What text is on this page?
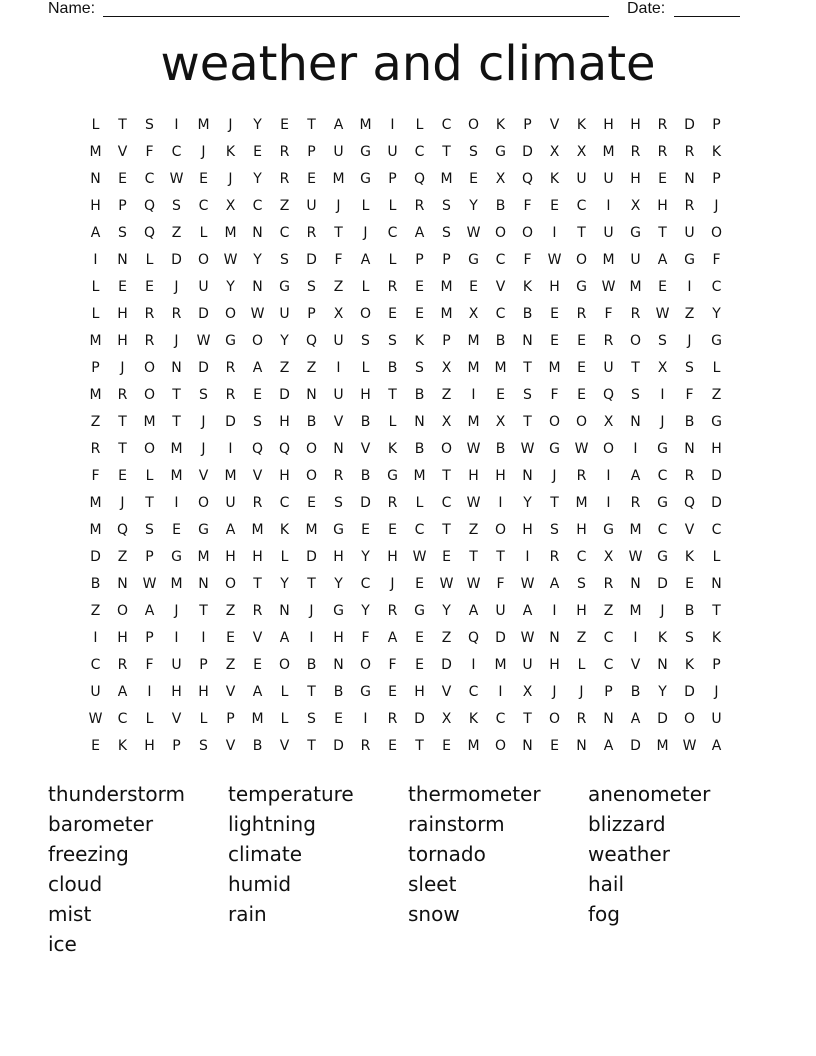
Name:	Date:
weather and climate
L T S I M J Y E T A M I L C O K P V K H H R D P
M V F C J K E R P U G U C T S G D X X M R R R K
N E C W E J Y R E M G P Q M E X Q K U U H E N P
H P Q S C X C Z U J L L R S Y B F E C I X H R J
A S Q Z L M N C R T J C A S W O O I T U G T U O
I N L D O W Y S D F A L P P G C F W O M U A G F
L E E J U Y N G S Z L R E M E V K H G W M E I C
L H R R D O W U P X O E E M X C B E R F R W Z Y
M H R J W G O Y Q U S S K P M B N E E R O S J G
P J O N D R A Z Z I L B S X M M T M E U T X S L
M R O T S R E D N U H T B Z I E S F E Q S I F Z
Z T M T J D S H B V B L N X M X T O O X N J B G
R T O M J I Q Q O N V K B O W B W G W O I G N H
F E L M V M V H O R B G M T H H N J R I A C R D
M J T I O U R C E S D R L C W I Y T M I R G Q D
M Q S E G A M K M G E E C T Z O H S H G M C V C
D Z P G M H H L D H Y H W E T T I R C X W G K L
B N W M N O T Y T Y C J E W W F W A S R N D E N
Z O A J T Z R N J G Y R G Y A U A I H Z M J B T
I H P I I E V A I H F A E Z Q D W N Z C I K S K
C R F U P Z E O B N O F E D I M U H L C V N K P
U A I H H V A L T B G E H V C I X J J P B Y D J
W C L V L P M L S E I R D X K C T O R N A D O U
E K H P S V B V T D R E T E M O N E N A D M W A
thunderstorm	temperature	thermometer	anenometer
barometer	lightning	rainstorm	blizzard
freezing	climate	tornado	weather
cloud	humid	sleet	hail
mist	rain	snow	fog
ice
